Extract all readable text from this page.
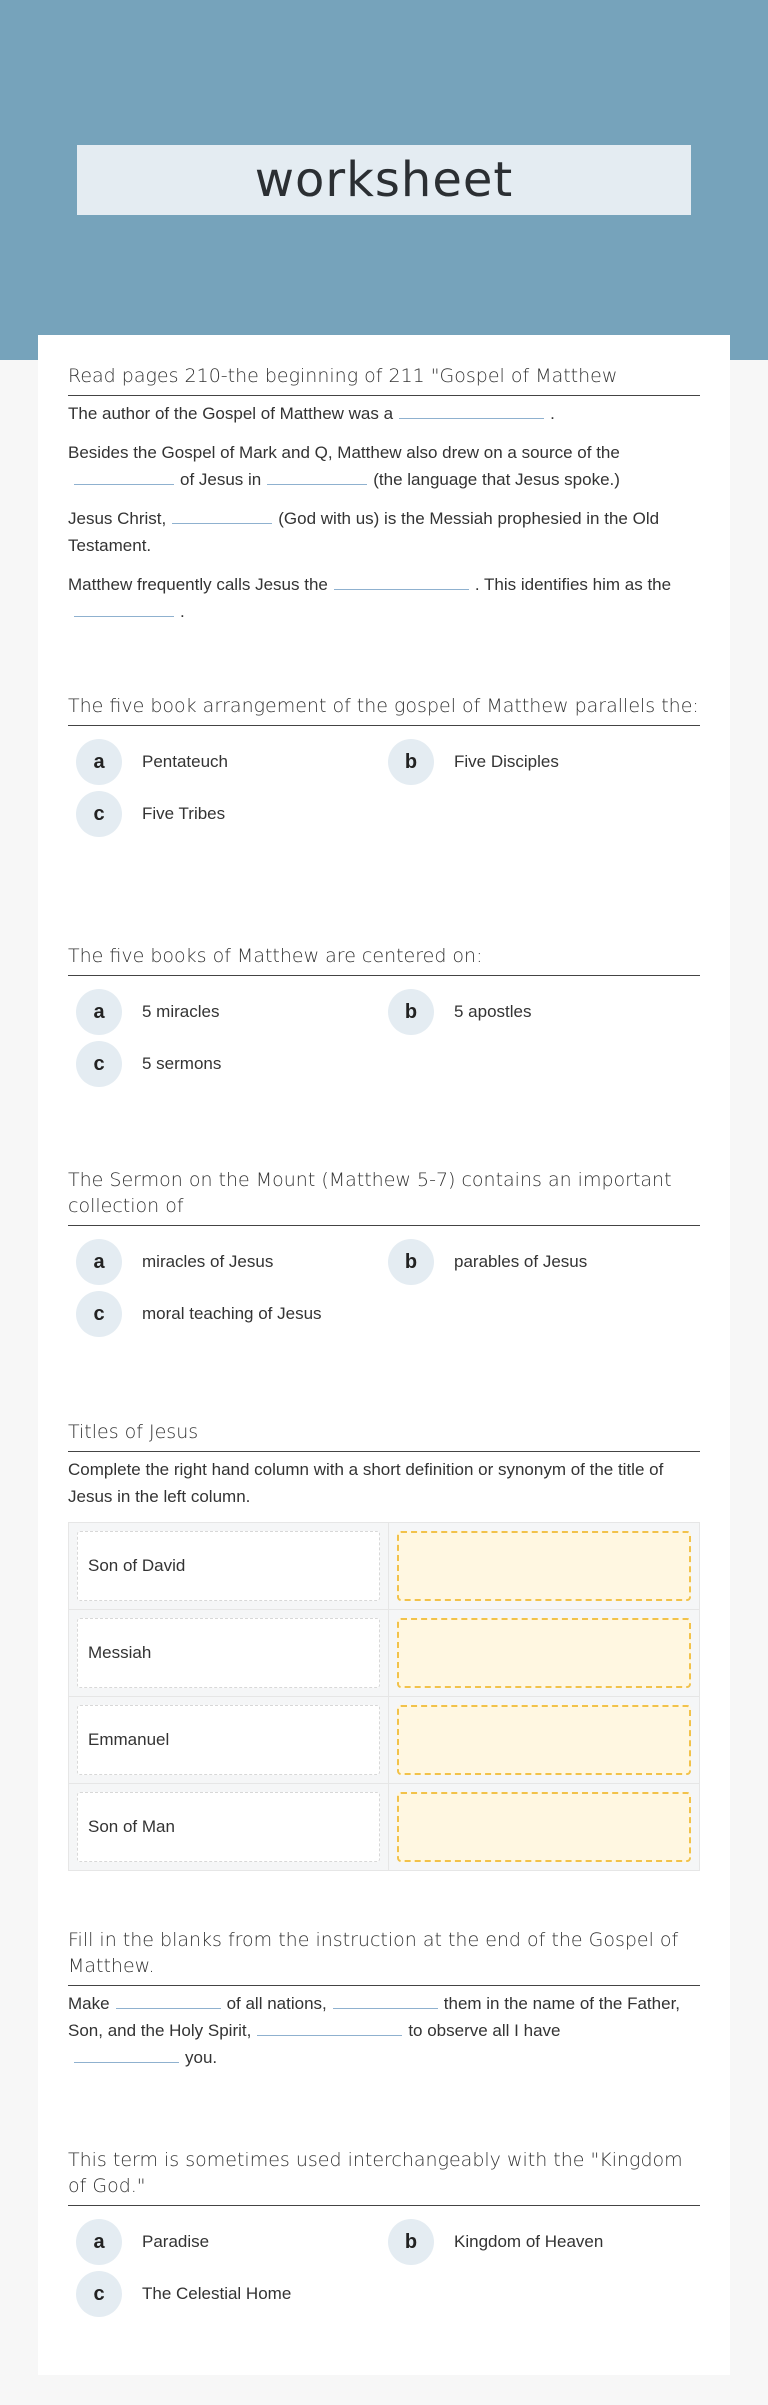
worksheet
Read pages 210-the beginning of 211 "Gospel of Matthew

The author of the Gospel of Matthew was a	.

Besides the Gospel of Mark and Q, Matthew also drew on a source of the
of Jesus in	(the language that Jesus spoke.)

Jesus Christ,	(God with us) is the Messiah prophesied in the Old Testament.

Matthew frequently calls Jesus the	. This identifies him as the.

The five book arrangement of the gospel of Matthew parallels the:
a	Pentateuch	b	Five Disciples
c	Five Tribes
The five books of Matthew are centered on:
a	5 miracles	b	5 apostles
c	5 sermons
The Sermon on the Mount (Matthew 5-7) contains an important collection of
a	miracles of Jesus	b	parables of Jesus
c	moral teaching of Jesus
Titles of Jesus
Complete the right hand column with a short definition or synonym of the title of Jesus in the left column.
Son of David
Messiah
Emmanuel
Son of Man
Fill in the blanks from the instruction at the end of the Gospel of Matthew.

Make	of all nations,	them in the name of the Father, Son, and the Holy Spirit,	to observe all I have
you.

This term is sometimes used interchangeably with the "Kingdom of God."
a	Paradise	b	Kingdom of Heaven
c	The Celestial Home
